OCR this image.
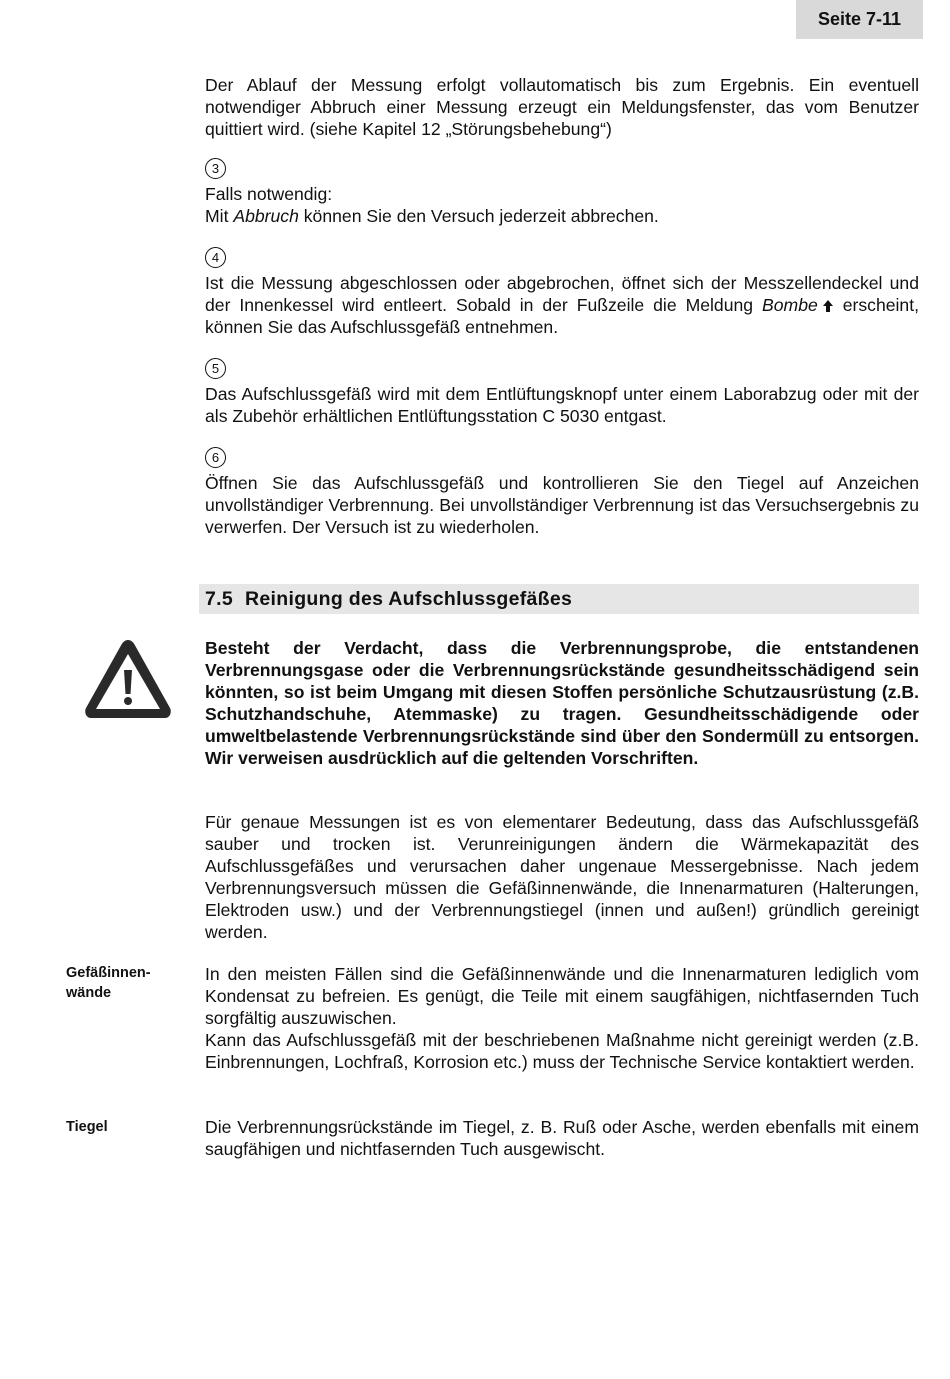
Seite 7-11

Der Ablauf der Messung erfolgt vollautomatisch bis zum Ergebnis. Ein eventuell notwendiger Abbruch einer Messung erzeugt ein Meldungsfenster, das vom Benutzer quittiert wird. (siehe Kapitel 12 „Störungsbehebung“)

3

Falls notwendig:

Mit Abbruch können Sie den Versuch jederzeit abbrechen.

4

Ist die Messung abgeschlossen oder abgebrochen, öffnet sich der Messzellendeckel und der Innenkessel wird entleert. Sobald in der Fußzeile die Meldung Bombe erscheint, können Sie das Aufschlussgefäß entnehmen.

5

Das Aufschlussgefäß wird mit dem Entlüftungsknopf unter einem Laborabzug oder mit der als Zubehör erhältlichen Entlüftungsstation C 5030 entgast.

6

Öffnen Sie das Aufschlussgefäß und kontrollieren Sie den Tiegel auf Anzeichen unvollständiger Verbrennung. Bei unvollständiger Verbrennung ist das Versuchsergebnis zu verwerfen. Der Versuch ist zu wiederholen.

7.5 Reinigung des Aufschlussgefäßes

Besteht der Verdacht, dass die Verbrennungsprobe, die entstandenen Verbrennungsgase oder die Verbrennungsrückstände gesundheitsschädigend sein könnten, so ist beim Umgang mit diesen Stoffen persönliche Schutzausrüstung (z.B. Schutzhandschuhe, Atemmaske) zu tragen. Gesundheitsschädigende oder umweltbelastende Verbrennungsrückstände sind über den Sondermüll zu entsorgen. Wir verweisen ausdrücklich auf die geltenden Vorschriften.

Für genaue Messungen ist es von elementarer Bedeutung, dass das Aufschlussgefäß sauber und trocken ist. Verunreinigungen ändern die Wärmekapazität des Aufschlussgefäßes und verursachen daher ungenaue Messergebnisse. Nach jedem Verbrennungsversuch müssen die Gefäßinnenwände, die Innenarmaturen (Halterungen, Elektroden usw.) und der Verbrennungstiegel (innen und außen!) gründlich gereinigt werden.

Gefäßinnen-
wände

In den meisten Fällen sind die Gefäßinnenwände und die Innenarmaturen lediglich vom Kondensat zu befreien. Es genügt, die Teile mit einem saugfähigen, nichtfasernden Tuch sorgfältig auszuwischen.

Kann das Aufschlussgefäß mit der beschriebenen Maßnahme nicht gereinigt werden (z.B. Einbrennungen, Lochfraß, Korrosion etc.) muss der Technische Service kontaktiert werden.

Tiegel	Die Verbrennungsrückstände im Tiegel, z. B. Ruß oder Asche, werden ebenfalls mit einem saugfähigen und nichtfasernden Tuch ausgewischt.
